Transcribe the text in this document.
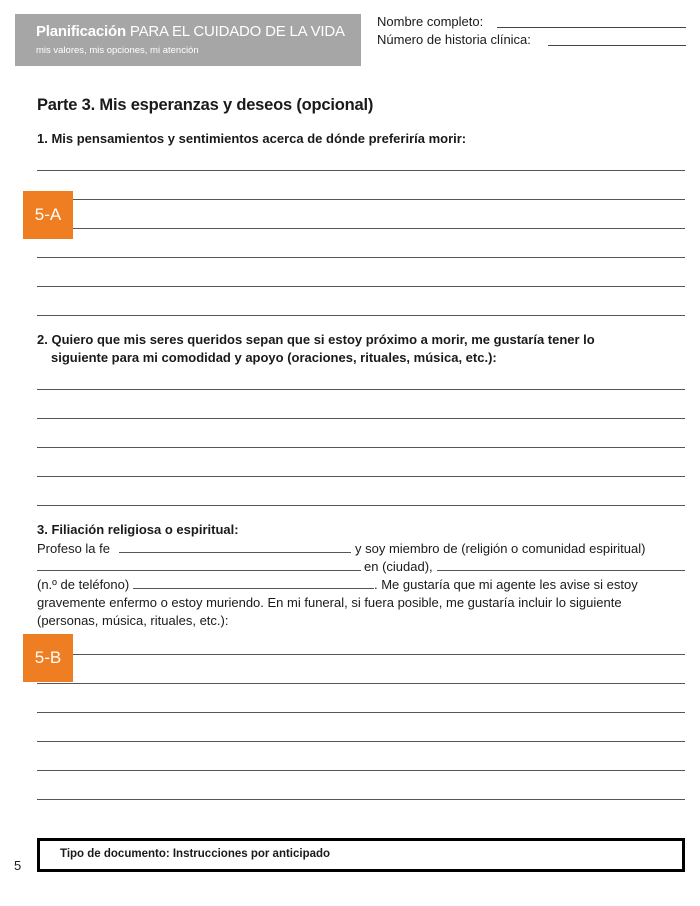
Planificación PARA EL CUIDADO DE LA VIDA
mis valores, mis opciones, mi atención
Nombre completo:
Número de historia clínica:
Parte 3. Mis esperanzas y deseos (opcional)
1. Mis pensamientos y sentimientos acerca de dónde preferiría morir:
5-A
2. Quiero que mis seres queridos sepan que si estoy próximo a morir, me gustaría tener lo
siguiente para mi comodidad y apoyo (oraciones, rituales, música, etc.):
3. Filiación religiosa o espiritual:
Profeso la fe	y soy miembro de (religión o comunidad espiritual)
en (ciudad),
(n.º de teléfono)	. Me gustaría que mi agente les avise si estoy
gravemente enfermo o estoy muriendo. En mi funeral, si fuera posible, me gustaría incluir lo siguiente
(personas, música, rituales, etc.):
5-B
Tipo de documento: Instrucciones por anticipado
5
